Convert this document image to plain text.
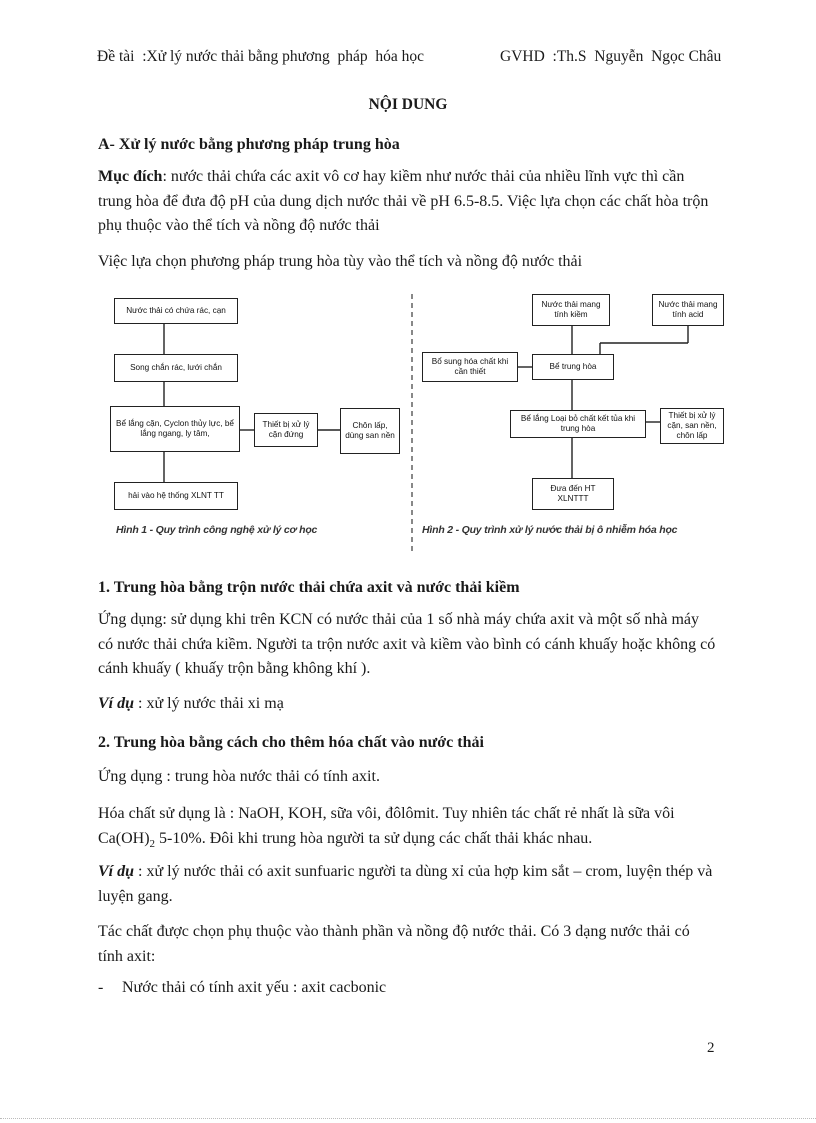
Đề tài  :Xử lý nước thải bằng phương  pháp  hóa học	GVHD  :Th.S  Nguyễn  Ngọc Châu
NỘI DUNG
A- Xử lý nước bằng phương pháp trung hòa
Mục đích: nước thải chứa các axit vô cơ hay kiềm như nước thải của nhiều lĩnh vực thì cần trung hòa để đưa độ pH của dung dịch nước thải về pH 6.5-8.5. Việc lựa chọn các chất hòa trộn phụ thuộc vào thể tích và nồng độ nước thải
Việc lựa chọn phương pháp trung hòa tùy vào thể tích và nồng độ nước thải
Nước thải có chứa rác, cạn
Song chắn rác, lưới chắn
Bể lắng cặn, Cyclon thủy lực, bể lắng ngang, ly tâm,
Thiết bị xử lý cặn đứng
Chôn lấp, dùng san nền
hải vào hệ thống XLNT TT
Hình 1 - Quy trình công nghệ xử lý cơ học
Nước thải mang tính kiềm
Nước thải mang tính acid
Bổ sung hóa chất khi cần thiết
Bể trung hòa
Bể lắng Loại bỏ chất kết tủa khi trung hòa
Thiết bị xử lý cặn, san nền, chôn lấp
Đưa đến HT XLNTTT
Hình 2 - Quy trình xử lý nước thải bị ô nhiễm hóa học
1. Trung hòa bằng trộn nước thải chứa axit và nước thải kiềm
Ứng dụng: sử dụng khi trên KCN có nước thải của 1 số nhà máy chứa axit và một số nhà máy có nước thải chứa kiềm. Người ta trộn nước axit và kiềm vào bình có cánh khuấy hoặc không có cánh khuấy ( khuấy trộn bằng không khí ).
Ví dụ : xử lý nước thải xi mạ
2. Trung hòa bằng cách cho thêm hóa chất vào nước thải
Ứng dụng : trung hòa nước thải có tính axit.
Hóa chất sử dụng là : NaOH, KOH, sữa vôi, đôlômit. Tuy nhiên tác chất rẻ nhất là sữa vôi $Ca(OH)_2$ 5-10%. Đôi khi trung hòa người ta sử dụng các chất thải khác nhau.
Ví dụ : xử lý nước thải có axit sunfuaric người ta dùng xỉ của hợp kim sắt – crom, luyện thép và luyện gang.
Tác chất được chọn phụ thuộc vào thành phần và nồng độ nước thải. Có 3 dạng nước thải có tính axit:
- Nước thải có tính axit yếu : axit cacbonic
2
